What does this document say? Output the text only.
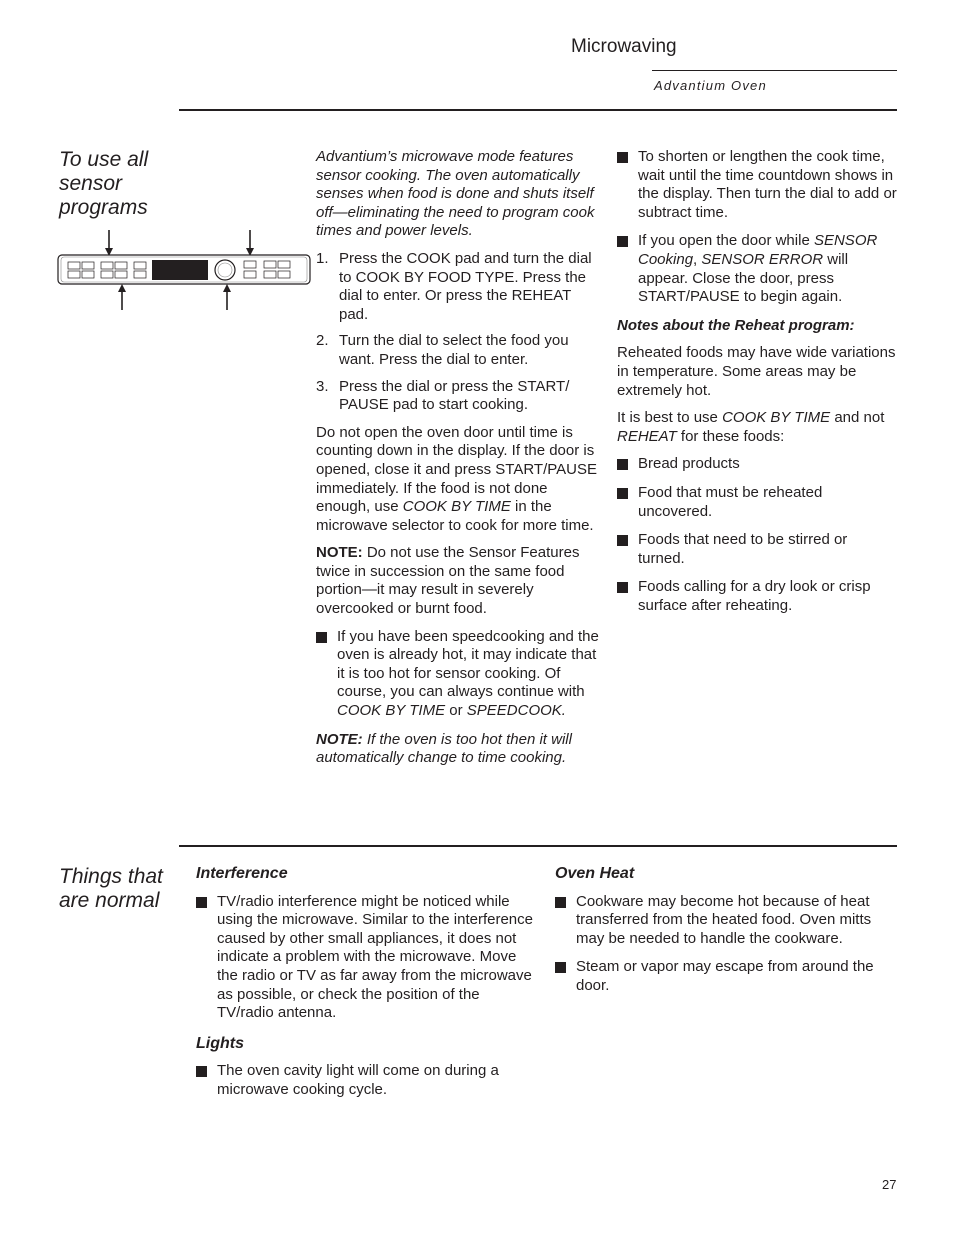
Microwaving
Advantium Oven
To use all sensor programs

Advantium’s microwave mode features sensor cooking. The oven automatically senses when food is done and shuts itself off—eliminating the need to program cook times and power levels.

1. Press the COOK pad and turn the dial to COOK BY FOOD TYPE. Press the dial to enter. Or press the REHEAT pad.
2. Turn the dial to select the food you want. Press the dial to enter.
3. Press the dial or press the START/ PAUSE pad to start cooking.

Do not open the oven door until time is counting down in the display. If the door is opened, close it and press START/PAUSE immediately. If the food is not done enough, use COOK BY TIME in the microwave selector to cook for more time.

NOTE: Do not use the Sensor Features twice in succession on the same food portion—it may result in severely overcooked or burnt food.

If you have been speedcooking and the oven is already hot, it may indicate that it is too hot for sensor cooking. Of course, you can always continue with COOK BY TIME or SPEEDCOOK.

NOTE: If the oven is too hot then it will automatically change to time cooking.

To shorten or lengthen the cook time, wait until the time countdown shows in the display. Then turn the dial to add or subtract time.
If you open the door while SENSOR Cooking, SENSOR ERROR will appear. Close the door, press START/PAUSE to begin again.

Notes about the Reheat program:

Reheated foods may have wide variations in temperature. Some areas may be extremely hot.

It is best to use COOK BY TIME and not REHEAT for these foods:

Bread products
Food that must be reheated uncovered.
Foods that need to be stirred or turned.
Foods calling for a dry look or crisp surface after reheating.
Things that are normal
Interference
TV/radio interference might be noticed while using the microwave. Similar to the interference caused by other small appliances, it does not indicate a problem with the microwave. Move the radio or TV as far away from the microwave as possible, or check the position of the TV/radio antenna.
Lights
The oven cavity light will come on during a microwave cooking cycle.
Oven Heat
Cookware may become hot because of heat transferred from the heated food. Oven mitts may be needed to handle the cookware.
Steam or vapor may escape from around the door.
27
